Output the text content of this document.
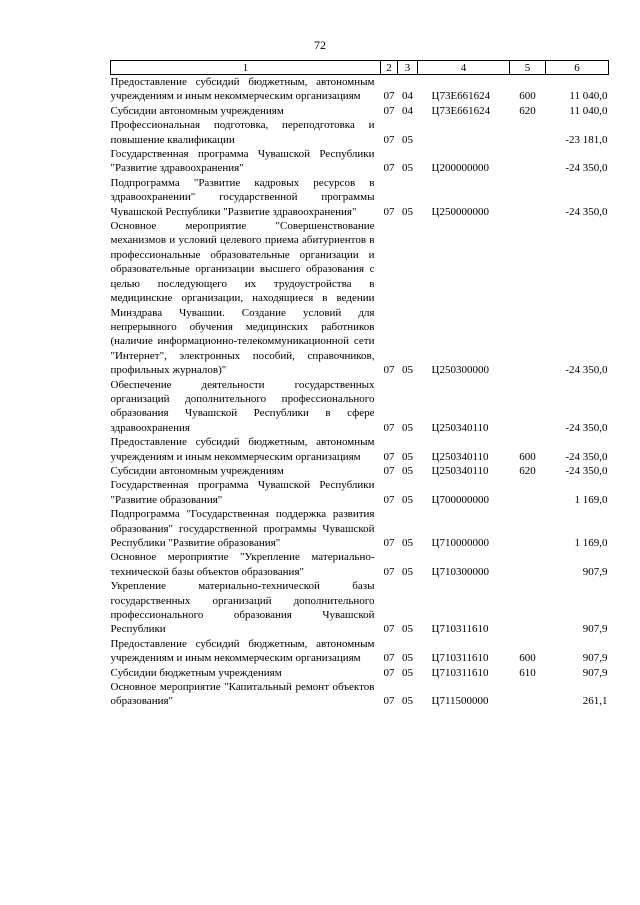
72
1	2	3	4	5	6
Предоставление субсидий бюджетным, автономным учреждениям и иным некоммерческим организациям	07	04	Ц73Е661624	600	11 040,0
Субсидии автономным учреждениям	07	04	Ц73Е661624	620	11 040,0
Профессиональная подготовка, переподготовка и повышение квалификации	07	05			-23 181,0
Государственная программа Чувашской Республики "Развитие здравоохранения"	07	05	Ц200000000		-24 350,0
Подпрограмма "Развитие кадровых ресурсов в здравоохранении" государственной программы Чувашской Республики "Развитие здравоохранения"	07	05	Ц250000000		-24 350,0
Основное мероприятие "Совершенствование механизмов и условий целевого приема абитуриентов в профессиональные образовательные организации и образовательные организации высшего образования с целью последующего их трудоустройства в медицинские организации, находящиеся в ведении Минздрава Чувашии. Создание условий для непрерывного обучения медицинских работников (наличие информационно-телекоммуникационной сети "Интернет", электронных пособий, справочников, профильных журналов)"	07	05	Ц250300000		-24 350,0
Обеспечение деятельности государственных организаций дополнительного профессионального образования Чувашской Республики в сфере здравоохранения	07	05	Ц250340110		-24 350,0
Предоставление субсидий бюджетным, автономным учреждениям и иным некоммерческим организациям	07	05	Ц250340110	600	-24 350,0
Субсидии автономным учреждениям	07	05	Ц250340110	620	-24 350,0
Государственная программа Чувашской Республики "Развитие образования"	07	05	Ц700000000		1 169,0
Подпрограмма "Государственная поддержка развития образования" государственной программы Чувашской Республики "Развитие образования"	07	05	Ц710000000		1 169,0
Основное мероприятие "Укрепление материально-технической базы объектов образования"	07	05	Ц710300000		907,9
Укрепление материально-технической базы государственных организаций дополнительного профессионального образования Чувашской Республики	07	05	Ц710311610		907,9
Предоставление субсидий бюджетным, автономным учреждениям и иным некоммерческим организациям	07	05	Ц710311610	600	907,9
Субсидии бюджетным учреждениям	07	05	Ц710311610	610	907,9
Основное мероприятие "Капитальный ремонт объектов образования"	07	05	Ц711500000		261,1
